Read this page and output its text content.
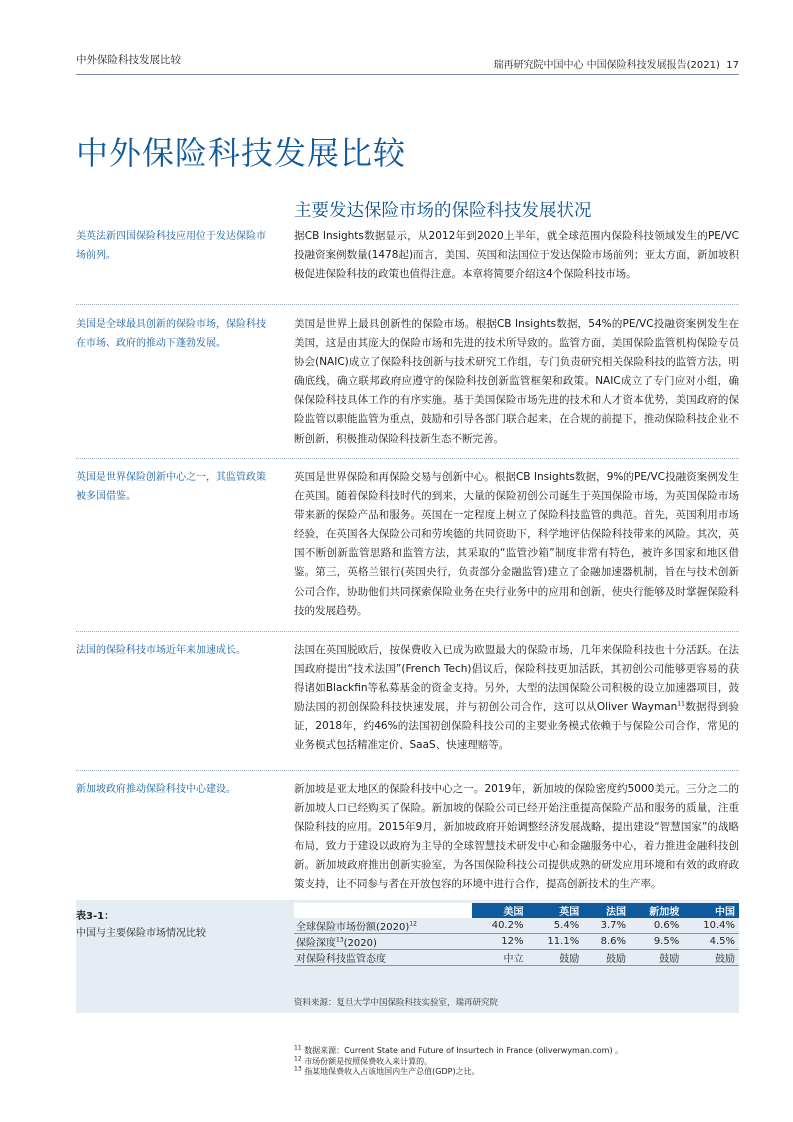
中外保险科技发展比较	瑞再研究院中国中心 中国保险科技发展报告(2021) 17
中外保险科技发展比较
主要发达保险市场的保险科技发展状况
美英法新四国保险科技应用位于发达保险市场前列。
据CB Insights数据显示，从2012年到2020上半年，就全球范围内保险科技领域发生的PE/VC投融资案例数量(1478起)而言，美国、英国和法国位于发达保险市场前列；亚太方面，新加坡积极促进保险科技的政策也值得注意。本章将简要介绍这4个保险科技市场。
美国是全球最具创新的保险市场，保险科技在市场、政府的推动下蓬勃发展。
美国是世界上最具创新性的保险市场。根据CB Insights数据，54%的PE/VC投融资案例发生在美国，这是由其庞大的保险市场和先进的技术所导致的。监管方面，美国保险监管机构保险专员协会(NAIC)成立了保险科技创新与技术研究工作组，专门负责研究相关保险科技的监管方法，明确底线，确立联邦政府应遵守的保险科技创新监管框架和政策。NAIC成立了专门应对小组，确保保险科技具体工作的有序实施。基于美国保险市场先进的技术和人才资本优势，美国政府的保险监管以职能监管为重点，鼓励和引导各部门联合起来，在合规的前提下，推动保险科技企业不断创新，积极推动保险科技新生态不断完善。
英国是世界保险创新中心之一，其监管政策被多国借鉴。
英国是世界保险和再保险交易与创新中心。根据CB Insights数据，9%的PE/VC投融资案例发生在英国。随着保险科技时代的到来，大量的保险初创公司诞生于英国保险市场，为英国保险市场带来新的保险产品和服务。英国在一定程度上树立了保险科技监管的典范。首先，英国利用市场经验，在英国各大保险公司和劳埃德的共同资助下，科学地评估保险科技带来的风险。其次，英国不断创新监管思路和监管方法，其采取的“监管沙箱”制度非常有特色，被许多国家和地区借鉴。第三，英格兰银行(英国央行，负责部分金融监管)建立了金融加速器机制，旨在与技术创新公司合作，协助他们共同探索保险业务在央行业务中的应用和创新，使央行能够及时掌握保险科技的发展趋势。
法国的保险科技市场近年来加速成长。	法国在英国脱欧后，按保费收入已成为欧盟最大的保险市场，几年来保险科技也十分活跃。在法国政府提出“技术法国”(French Tech)倡议后，保险科技更加活跃，其初创公司能够更容易的获得诸如Blackfin等私募基金的资金支持。另外，大型的法国保险公司积极的设立加速器项目，鼓励法国的初创保险科技快速发展，并与初创公司合作，这可以从Oliver Wayman$^{11}$数据得到验证，2018年，约46%的法国初创保险科技公司的主要业务模式依赖于与保险公司合作，常见的业务模式包括精准定价、SaaS、快速理赔等。
新加坡政府推动保险科技中心建设。	新加坡是亚太地区的保险科技中心之一。2019年，新加坡的保险密度约5000美元。三分之二的新加坡人口已经购买了保险。新加坡的保险公司已经开始注重提高保险产品和服务的质量，注重保险科技的应用。2015年9月，新加坡政府开始调整经济发展战略，提出建设“智慧国家”的战略布局，致力于建设以政府为主导的全球智慧技术研发中心和金融服务中心，着力推进金融科技创新。新加坡政府推出创新实验室，为各国保险科技公司提供成熟的研发应用环境和有效的政府政策支持，让不同参与者在开放包容的环境中进行合作，提高创新技术的生产率。
表3-1：
中国与主要保险市场情况比较
	美国	英国	法国	新加坡	中国
全球保险市场份额$(2020)^{12}$	40.2%	5.4%	3.7%	0.6%	10.4%
保险深度$^{13}$(2020)	12%	11.1%	8.6%	9.5%	4.5%
对保险科技监管态度	中立	鼓励	鼓励	鼓励	鼓励
资料来源：复旦大学中国保险科技实验室，瑞再研究院
$^{11}$ 数据来源：Current State and Future of Insurtech in France (oliverwyman.com) 。
$^{12}$ 市场份额是按照保费收入来计算的。
$^{13}$ 指某地保费收入占该地国内生产总值(GDP)之比。
